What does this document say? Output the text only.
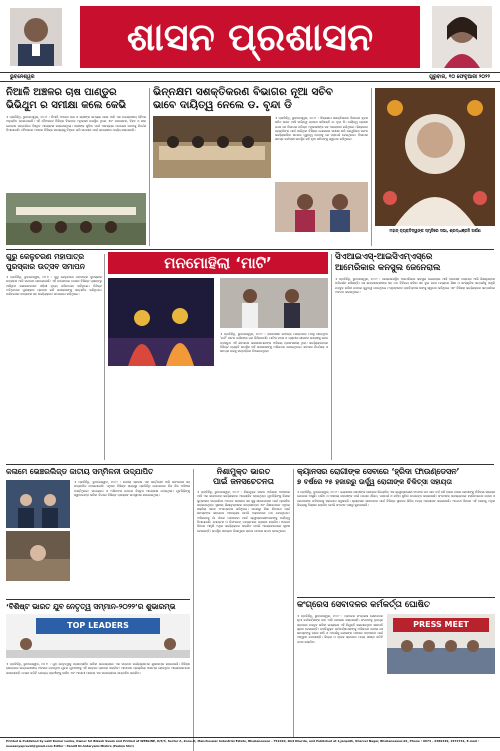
ଶାସନ ପ୍ରଶାସନ
ଭୁବନେଶ୍ୱର	ଗୁରୁବାର, ୧୦ ଫେବୃଆରୀ ୨୦୨୨
ନିଆଳି ଅଞ୍ଚଳର ଚାଷ ପାଣ୍ଡୁର
ଭିଭିଥୁମ ର ସମୀକ୍ଷା କଲେ କେଭି
ଏ ପ୍ରତିନିଧି, ଭୁବନେଶ୍ୱର, ୧୦।୨ : ନିଆଳି ଅଞ୍ଚଳର ଚାଷ ଓ ଚାଷୀଙ୍କ ସମସ୍ୟା ନେଇ ଆଜି ଏକ ଉଚ୍ଚସ୍ତରୀୟ ବୈଠକ ଅନୁଷ୍ଠିତ ହୋଇଯାଇଛି। ଏହି ବୈଠକରେ ବିଭିନ୍ନ ବିଭାଗର ଅଧିକାରୀ ଉପସ୍ଥିତ ଥିଲେ ଏବଂ ଜଳସେଚନ, ବିହନ ଓ ସାର ଯୋଗାଣ ସମ୍ପର୍କରେ ବିସ୍ତୃତ ଆଲୋଚନା କରାଯାଇଥିଲା। ଚାଷୀଙ୍କ ସୁବିଧା ପାଇଁ ଆବଶ୍ୟକ ପଦକ୍ଷେପ ନେବାକୁ ନିର୍ଦ୍ଦେଶ ଦିଆଯାଇଛି। ବୈଠକରେ ଅଞ୍ଚଳର ବିଭିନ୍ନ ସମସ୍ୟାକୁ ଚିହ୍ନଟ କରି ସମାଧାନ ପାଇଁ ସମୟସୀମା ଧାର୍ଯ୍ୟ କରାଯାଇଛି।
ଭିନ୍ନକ୍ଷମ ସଶକ୍ତିକରଣ ବିଭାଗର ନୂଆ ସଚିବ
ଭାବେ ଦାୟିତ୍ୱ ନେଲେ ଡ. ବୃନ୍ଦା ଡି
ଏ ପ୍ରତିନିଧି, ଭୁବନେଶ୍ୱର, ୧୦।୨ : ଭିନ୍ନକ୍ଷମ ସଶକ୍ତିକରଣ ବିଭାଗର ନୂତନ ସଚିବ ଭାବେ ଆଜି ଦାୟିତ୍ୱ ଗ୍ରହଣ କରିଛନ୍ତି ଡ. ବୃନ୍ଦା ଡି। ଦାୟିତ୍ୱ ଗ୍ରହଣ ପରେ ସେ ବିଭାଗର ବରିଷ୍ଠ ଅଧିକାରୀଙ୍କ ସହ ଆଲୋଚନା କରିଥିଲେ। ଭିନ୍ନକ୍ଷମ ବ୍ୟକ୍ତିଙ୍କ ପାଇଁ ଚାଲିଥିବା ବିଭିନ୍ନ ଯୋଜନାର ସମୀକ୍ଷା କରି ସେଗୁଡ଼ିକର ସଫଳ କାର୍ଯ୍ୟକାରିତା ଉପରେ ଗୁରୁତ୍ୱ ଦେବାକୁ ସେ ପରାମର୍ଶ ଦେଇଥିଲେ। ବିଭାଗର ସମସ୍ତ କର୍ମଚାରୀ ଉପସ୍ଥିତ ରହି ନୂଆ ସଚିବଙ୍କୁ ସ୍ୱାଗତ କରିଥିଲେ।
ମହାନ୍ ବ୍ୟକ୍ତିତ୍ୱଙ୍କ ସ୍ମୃତିରେ ସଭା, ଶ୍ରଦ୍ଧାଞ୍ଜଳି ଅର୍ପଣ
ଗୁରୁ କେଳୁଚରଣ ମହାପାତ୍ର
ପୁରସ୍କାର ଉତ୍ସବ ସମାପନ
ଏ ପ୍ରତିନିଧି, ଭୁବନେଶ୍ୱର, ୧୦।୨ : ଗୁରୁ କେଳୁଚରଣ ମହାପାତ୍ର ପୁରସ୍କାର ଉତ୍ସବର ଆଜି ସମାପନ ହୋଇଯାଇଛି। ଏହି ଉତ୍ସବରେ ଦେଶର ବିଭିନ୍ନ ପ୍ରାନ୍ତରୁ ଆସିଥିବା କଳାକାରମାନେ ଓଡ଼ିଶୀ ନୃତ୍ୟ ପରିବେଷଣ କରିଥିଲେ। ବିଶିଷ୍ଟ ଅତିଥିମାନେ ପୁରସ୍କାର ପ୍ରଦାନ କରି କଳାକାରଙ୍କୁ ସମ୍ମାନିତ କରିଥିଲେ। ଦର୍ଶକମାନେ ଉତ୍ସାହର ସହ କାର୍ଯ୍ୟକ୍ରମ ଉପଭୋଗ କରିଥିଲେ।
ମନମୋହିଲା ‘ମାଟି’
ଏ ପ୍ରତିନିଧି, ଭୁବନେଶ୍ୱର, ୧୦।୨ : ରାଜଧାନୀର ରବୀନ୍ଦ୍ର ମଣ୍ଡପରେ ମଞ୍ଚସ୍ଥ ହୋଇଥିବା ‘ମାଟି’ ନାଟକ ଦର୍ଶକଙ୍କ ମନ ଜିଣିନେଇଛି। ମାଟିର ମହକ ଓ ଗ୍ରାମୀଣ ଜୀବନର କାହାଣୀକୁ ନେଇ ପ୍ରସ୍ତୁତ ଏହି ନାଟକରେ କଳାକାରମାନଙ୍କ ଅଭିନୟ ପ୍ରଶଂସନୀୟ ଥିଲା। କାର୍ଯ୍ୟକ୍ରମରେ ବିଶିଷ୍ଟ ବ୍ୟକ୍ତି ଉପସ୍ଥିତ ରହି କଳାକାରଙ୍କୁ ଅଭିନନ୍ଦନ ଜଣାଇଥିଲେ। ନାଟକର ନିର୍ଦ୍ଦେଶକ ଓ ସମଗ୍ର ଦଳକୁ ସମ୍ବର୍ଦ୍ଧନା ଦିଆଯାଇଥିଲା।
ସିଏଆଇଏସ୍-ଆଇସିଏମ୍‌ଏସ୍‌ରେ
ଆମେରିକାର କନସୁଲ ଜେନେରାଲ
ଏ ପ୍ରତିନିଧି, ଭୁବନେଶ୍ୱର, ୧୦।୨ : କୋଲକାତାସ୍ଥିତ ଆମେରିକାର କନସୁଲ ଜେନେରାଲ ଆଜି ରାଜଧାନୀ ଗସ୍ତରେ ଆସି ଶିକ୍ଷାନୁଷ୍ଠାନ ପରିଦର୍ଶନ କରିଛନ୍ତି। ସେ ଛାତ୍ରଛାତ୍ରୀଙ୍କ ସହ ମତ ବିନିମୟ କରିବା ସହ ଦୁଇ ଦେଶ ମଧ୍ୟରେ ଶିକ୍ଷା ଓ ସାଂସ୍କୃତିକ ସମ୍ପର୍କକୁ ଆହୁରି ମଜବୁତ କରିବା ଉପରେ ଗୁରୁତ୍ୱ ଦେଇଥିଲେ। ଅନୁଷ୍ଠାନର ପ୍ରତିଷ୍ଠାତା ତାଙ୍କୁ ସ୍ୱାଗତ କରିଥିଲେ ଏବଂ ବିଭିନ୍ନ କାର୍ଯ୍ୟକ୍ରମ ସମ୍ପର୍କରେ ଅବଗତ କରାଇଥିଲେ।
କଳାମେ ଭେଞ୍ଚରଲିଜ୍ଡ ଜାତୀୟ ସମ୍ମିଳନୀ ଉଦ୍‌ଯାପିତ
ଏ ପ୍ରତିନିଧି, ଭୁବନେଶ୍ୱର, ୧୦।୨ : ଜାତୀୟ ସ୍ତରର ଏକ ସମ୍ମିଳନୀ ଆଜି ସଫଳତାର ସହ ଉଦ୍‌ଯାପିତ ହୋଇଯାଇଛି। ଏଥିରେ ବିଭିନ୍ନ ରାଜ୍ୟରୁ ପ୍ରତିନିଧି ଯୋଗଦେଇ ନିଜ ନିଜ ଅଭିଜ୍ଞତା ବାଣ୍ଟିଥିଲେ। ଉଦ୍ୟୋଗ ଓ ଅଭିନବତା ଉପରେ ବିସ୍ତୃତ ଆଲୋଚନା ହୋଇଥିଲା। ଯୁବପିଢ଼ିଙ୍କୁ ସ୍ୱାବଲମ୍ବୀ କରିବା ଦିଗରେ ବିଭିନ୍ନ ପ୍ରସ୍ତାବ ଉପସ୍ଥାପନ କରାଯାଇଥିଲା।
ନିଶାମୁକ୍ତ ଭାରତ
ପାଇଁ ଜନସଚେତନତା
ଏ ପ୍ରତିନିଧି, ଭୁବନେଶ୍ୱର, ୧୦।୨ : ନିଶାମୁକ୍ତ ଭାରତ ଅଭିଯାନ ଅଧୀନରେ ଆଜି ଏକ ସଚେତନତା କାର୍ଯ୍ୟକ୍ରମ ଆୟୋଜିତ ହୋଇଥିଲା। ଯୁବପିଢ଼ିଙ୍କୁ ନିଶାର କୁପ୍ରଭାବ ସମ୍ପର୍କରେ ଅବଗତ କରାଇବା ସହ ସୁସ୍ଥ ଜୀବନଯାପନ ପାଇଁ ପ୍ରେରିତ କରାଯାଇଥିଲା। ସ୍ଥାନୀୟ ଶିକ୍ଷାନୁଷ୍ଠାନର ଛାତ୍ରଛାତ୍ରୀ ଏବଂ ଶିକ୍ଷକମାନେ ଏଥିରେ ସକ୍ରିୟ ଭାବେ ଅଂଶଗ୍ରହଣ କରିଥିଲେ। ସମାଜରୁ ନିଶା ନିବାରଣ ପାଇଁ ସମସ୍ତଙ୍କ ସହଯୋଗ ଆବଶ୍ୟକ ବୋଲି ବକ୍ତାମାନେ ମତ ଦେଇଥିଲେ। ଅଭିଯାନକୁ ଗାଁ ଗାଁରେ ପହଞ୍ଚାଇବା ପାଇଁ ସ୍ୱେଚ୍ଛାସେବୀମାନଙ୍କୁ ଦାୟିତ୍ୱ ଦିଆଯାଇଛି। ପୋଷ୍ଟର ଓ ଲିଫଲେଟ୍ ମାଧ୍ୟମରେ ପ୍ରଚାର କରାଯିବ। ଆଗାମୀ ଦିନରେ ଆହୁରି ଅଧିକ କାର୍ଯ୍ୟକ୍ରମ କରାଯିବ ବୋଲି ଆୟୋଜକମାନେ ସୂଚନା ଦେଇଛନ୍ତି। ଉପସ୍ଥିତ ସମସ୍ତେ ନିଶାମୁକ୍ତ ସମାଜ ଗଠନର ଶପଥ ନେଇଥିଲେ।
କ୍ୟାନସର ରୋଗୀଙ୍କ ସେବାରେ ‘ହ୍ରିଦା ଫାଉଣ୍ଡେସନ’
୭ ବର୍ଷରେ ୨୫ ହଜାରରୁ ଊର୍ଦ୍ଧ୍ୱ ରୋଗୀଙ୍କ ଚିକିତ୍ସା ସହାୟତା
ଏ ପ୍ରତିନିଧି, ଭୁବନେଶ୍ୱର, ୧୦।୨ : କ୍ୟାନସର ରୋଗୀଙ୍କ ସେବାରେ ନିୟୋଜିତ ଏକ ସ୍ୱେଚ୍ଛାସେବୀ ସଂଗଠନ ଗତ ସାତ ବର୍ଷ ଧରି ହଜାର ହଜାର ରୋଗୀଙ୍କୁ ଚିକିତ୍ସା ସହାୟତା ଯୋଗାଇ ଆସୁଛି। ଗରିବ ଓ ଅସହାୟ ରୋଗୀଙ୍କ ପାଇଁ ମାଗଣା ଔଷଧ, ପରାମର୍ଶ ଓ ରହିବା ସୁବିଧା ଉପଲବ୍ଧ କରାଯାଉଛି। ସଂଗଠନର ସଦସ୍ୟମାନେ ହସ୍ପିଟାଲରେ ରୋଗୀ ଓ ସେମାନଙ୍କ ପରିବାରକୁ ସହଯୋଗ କରୁଛନ୍ତି। କ୍ୟାନସର ସଚେତନତା ପାଇଁ ବିଭିନ୍ନ ସ୍ଥାନରେ ଶିବିର ମଧ୍ୟ ଆୟୋଜନ କରାଯାଉଛି। ଆଗାମୀ ଦିନରେ ଏହି ସେବାକୁ ଅଧିକ ଜିଲ୍ଲାକୁ ବିସ୍ତାର କରାଯିବ ବୋଲି ସଂଗଠନ ପକ୍ଷରୁ କୁହାଯାଇଛି।
କଂଗ୍ରେସ ସେବାଦଳର କର୍ମକର୍ତ୍ତା ଘୋଷିତ
ଏ ପ୍ରତିନିଧି, ଭୁବନେଶ୍ୱର, ୧୦।୨ : ପ୍ରଦେଶ କଂଗ୍ରେସ ସେବାଦଳର ନୂଆ କର୍ମକର୍ତ୍ତାଙ୍କ ନାମ ଆଜି ଘୋଷଣା କରାଯାଇଛି। ସଂଗଠନକୁ ତୃଣମୂଳ ସ୍ତରରେ ମଜବୁତ କରିବା ଲକ୍ଷ୍ୟରେ ଏହି ନିଯୁକ୍ତି କରାଯାଇଥିବା ସଭାପତି ସୂଚନା ଦେଇଛନ୍ତି। ନବନିଯୁକ୍ତ କର୍ମକର୍ତ୍ତାମାନଙ୍କୁ ଅଭିନନ୍ଦନ ଜଣାଇ ସେ ସମସ୍ତଙ୍କୁ ଦଳର ନୀତି ଓ ଆଦର୍ଶକୁ ଲୋକଙ୍କ ପାଖରେ ପହଞ୍ଚାଇବା ପାଇଁ ଆହ୍ୱାନ ଦେଇଛନ୍ତି। ଜିଲ୍ଲା ଓ ବ୍ଲକ ସ୍ତରରେ ମଧ୍ୟ ଶୀଘ୍ର କମିଟି ଗଠନ କରାଯିବ।
PRESS MEET
‘ବିଶିଷ୍ଟ ଭାରତ ଯୁବ ନେତୃତ୍ୱ ସମ୍ମାନ-୨୦୨୨’ର ଶୁଭାରମ୍ଭ
TOP LEADERS
ଏ ପ୍ରତିନିଧି, ଭୁବନେଶ୍ୱର, ୧୦।୨ : ଯୁବ ନେତୃତ୍ୱକୁ ପ୍ରୋତ୍ସାହିତ କରିବା ଉଦ୍ଦେଶ୍ୟରେ ଏକ ସମ୍ମାନ କାର୍ଯ୍ୟକ୍ରମର ଶୁଭାରମ୍ଭ କରାଯାଇଛି। ବିଭିନ୍ନ କ୍ଷେତ୍ରରେ ଉଲ୍ଲେଖନୀୟ ଅବଦାନ ଦେଇଥିବା ଯୁବକ ଯୁବତୀଙ୍କୁ ଏହି ସମ୍ମାନ ପ୍ରଦାନ କରାଯିବ। ଆବେଦନ ପ୍ରକ୍ରିୟା ଆରମ୍ଭ ହୋଇଥିବା ଆୟୋଜକମାନେ ଜଣାଇଛନ୍ତି। ଚୟନ କମିଟି ଯୋଗ୍ୟ ପ୍ରାର୍ଥୀଙ୍କୁ ବାଛିବ ଏବଂ ଆଗାମୀ ମାସରେ ଏକ ସମାରୋହରେ ସମ୍ମାନିତ କରାଯିବ।
Printed & Published by Lalit Kumar Lenka, Owner Sri Bikash Swain and Printed at WEBLINE, D/3/3, Sector A, Zone-D, Mancheswar Industrial Estate, Bhubaneswar - 751010, Dist Khurda, and Published at 1,Janpath, Kharvel Nagar, Bhubaneswar-01, Phone : 0674 - 2389449, 2572741, E-mail : newsanyapravat@gmail.com Editor : Pandit Dr.Antaryami Mishra (Padma Shri)
